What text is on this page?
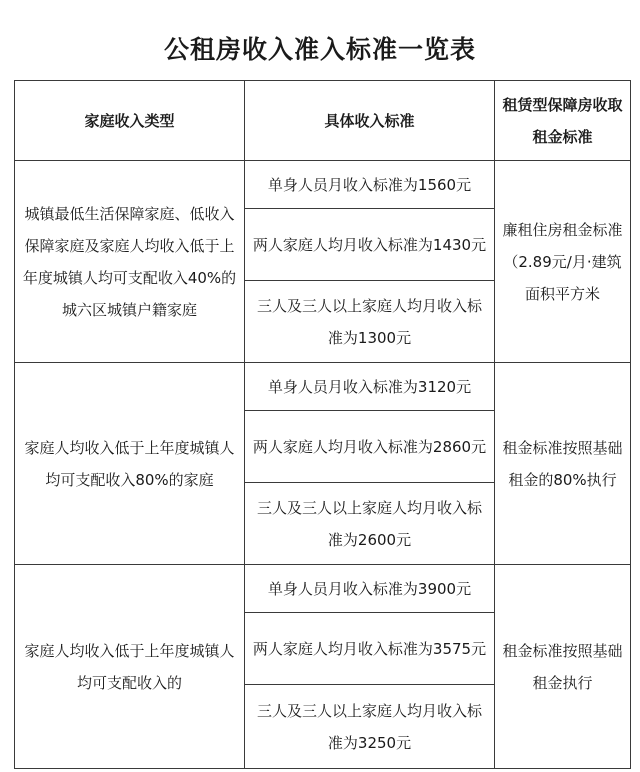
公租房收入准入标准一览表
家庭收入类型	具体收入标准	租赁型保障房收取租金标准
城镇最低生活保障家庭、低收入保障家庭及家庭人均收入低于上年度城镇人均可支配收入40%的城六区城镇户籍家庭	单身人员月收入标准为1560元	廉租住房租金标准（2.89元/月·建筑面积平方米
	两人家庭人均月收入标准为1430元	
	三人及三人以上家庭人均月收入标准为1300元	
家庭人均收入低于上年度城镇人均可支配收入80%的家庭	单身人员月收入标准为3120元	租金标准按照基础租金的80%执行
	两人家庭人均月收入标准为2860元	
	三人及三人以上家庭人均月收入标准为2600元	
家庭人均收入低于上年度城镇人均可支配收入的	单身人员月收入标准为3900元	租金标准按照基础租金执行
	两人家庭人均月收入标准为3575元	
	三人及三人以上家庭人均月收入标准为3250元	
